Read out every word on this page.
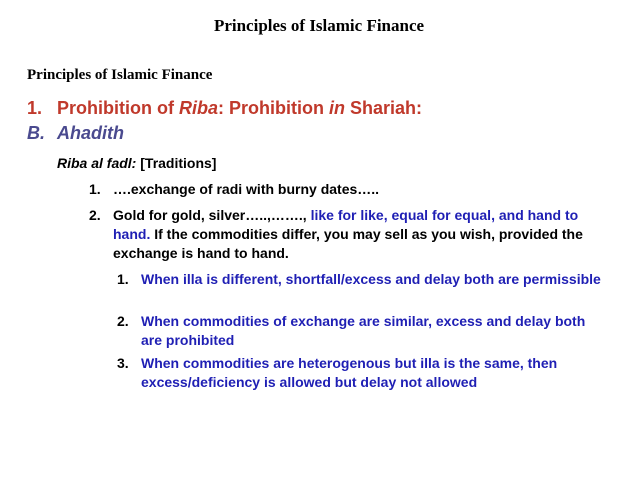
Principles of Islamic Finance
Principles of Islamic Finance
1. Prohibition of Riba: Prohibition in Shariah:
B. Ahadith
Riba al fadl: [Traditions]
1. ….exchange of radi with burny dates…..
2. Gold for gold, silver…..,……., like for like, equal for equal, and hand to hand. If the commodities differ, you may sell as you wish, provided the exchange is hand to hand.
1. When illa is different, shortfall/excess and delay both are permissible
2. When commodities of exchange are similar, excess and delay both are prohibited
3. When commodities are heterogenous but illa is the same, then excess/deficiency is allowed but delay not allowed
